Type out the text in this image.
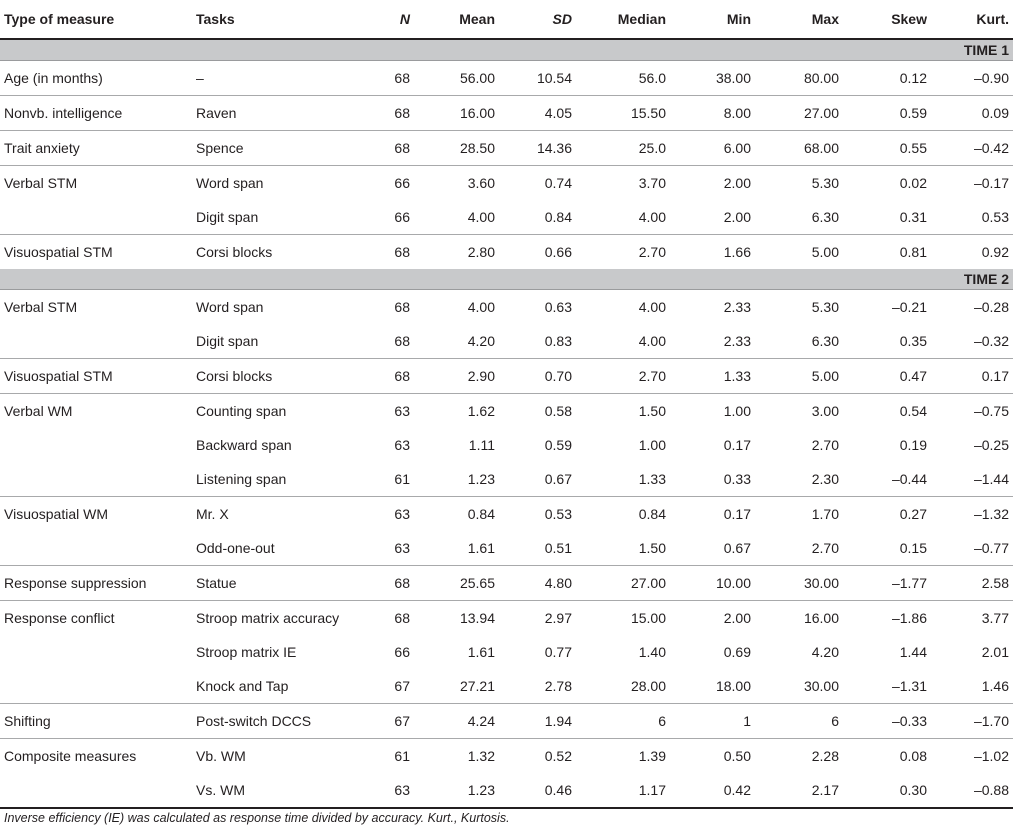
Type of measure	Tasks	N	Mean	SD	Median	Min	Max	Skew	Kurt.
TIME 1									
Age (in months)	–	68	56.00	10.54	56.0	38.00	80.00	0.12	–0.90
Nonvb. intelligence	Raven	68	16.00	4.05	15.50	8.00	27.00	0.59	0.09
Trait anxiety	Spence	68	28.50	14.36	25.0	6.00	68.00	0.55	–0.42
Verbal STM	Word span	66	3.60	0.74	3.70	2.00	5.30	0.02	–0.17
	Digit span	66	4.00	0.84	4.00	2.00	6.30	0.31	0.53
Visuospatial STM	Corsi blocks	68	2.80	0.66	2.70	1.66	5.00	0.81	0.92
TIME 2									
Verbal STM	Word span	68	4.00	0.63	4.00	2.33	5.30	–0.21	–0.28
	Digit span	68	4.20	0.83	4.00	2.33	6.30	0.35	–0.32
Visuospatial STM	Corsi blocks	68	2.90	0.70	2.70	1.33	5.00	0.47	0.17
Verbal WM	Counting span	63	1.62	0.58	1.50	1.00	3.00	0.54	–0.75
	Backward span	63	1.11	0.59	1.00	0.17	2.70	0.19	–0.25
	Listening span	61	1.23	0.67	1.33	0.33	2.30	–0.44	–1.44
Visuospatial WM	Mr. X	63	0.84	0.53	0.84	0.17	1.70	0.27	–1.32
	Odd-one-out	63	1.61	0.51	1.50	0.67	2.70	0.15	–0.77
Response suppression	Statue	68	25.65	4.80	27.00	10.00	30.00	–1.77	2.58
Response conflict	Stroop matrix accuracy	68	13.94	2.97	15.00	2.00	16.00	–1.86	3.77
	Stroop matrix IE	66	1.61	0.77	1.40	0.69	4.20	1.44	2.01
	Knock and Tap	67	27.21	2.78	28.00	18.00	30.00	–1.31	1.46
Shifting	Post-switch DCCS	67	4.24	1.94	6	1	6	–0.33	–1.70
Composite measures	Vb. WM	61	1.32	0.52	1.39	0.50	2.28	0.08	–1.02
	Vs. WM	63	1.23	0.46	1.17	0.42	2.17	0.30	–0.88
Inverse efficiency (IE) was calculated as response time divided by accuracy. Kurt., Kurtosis.
